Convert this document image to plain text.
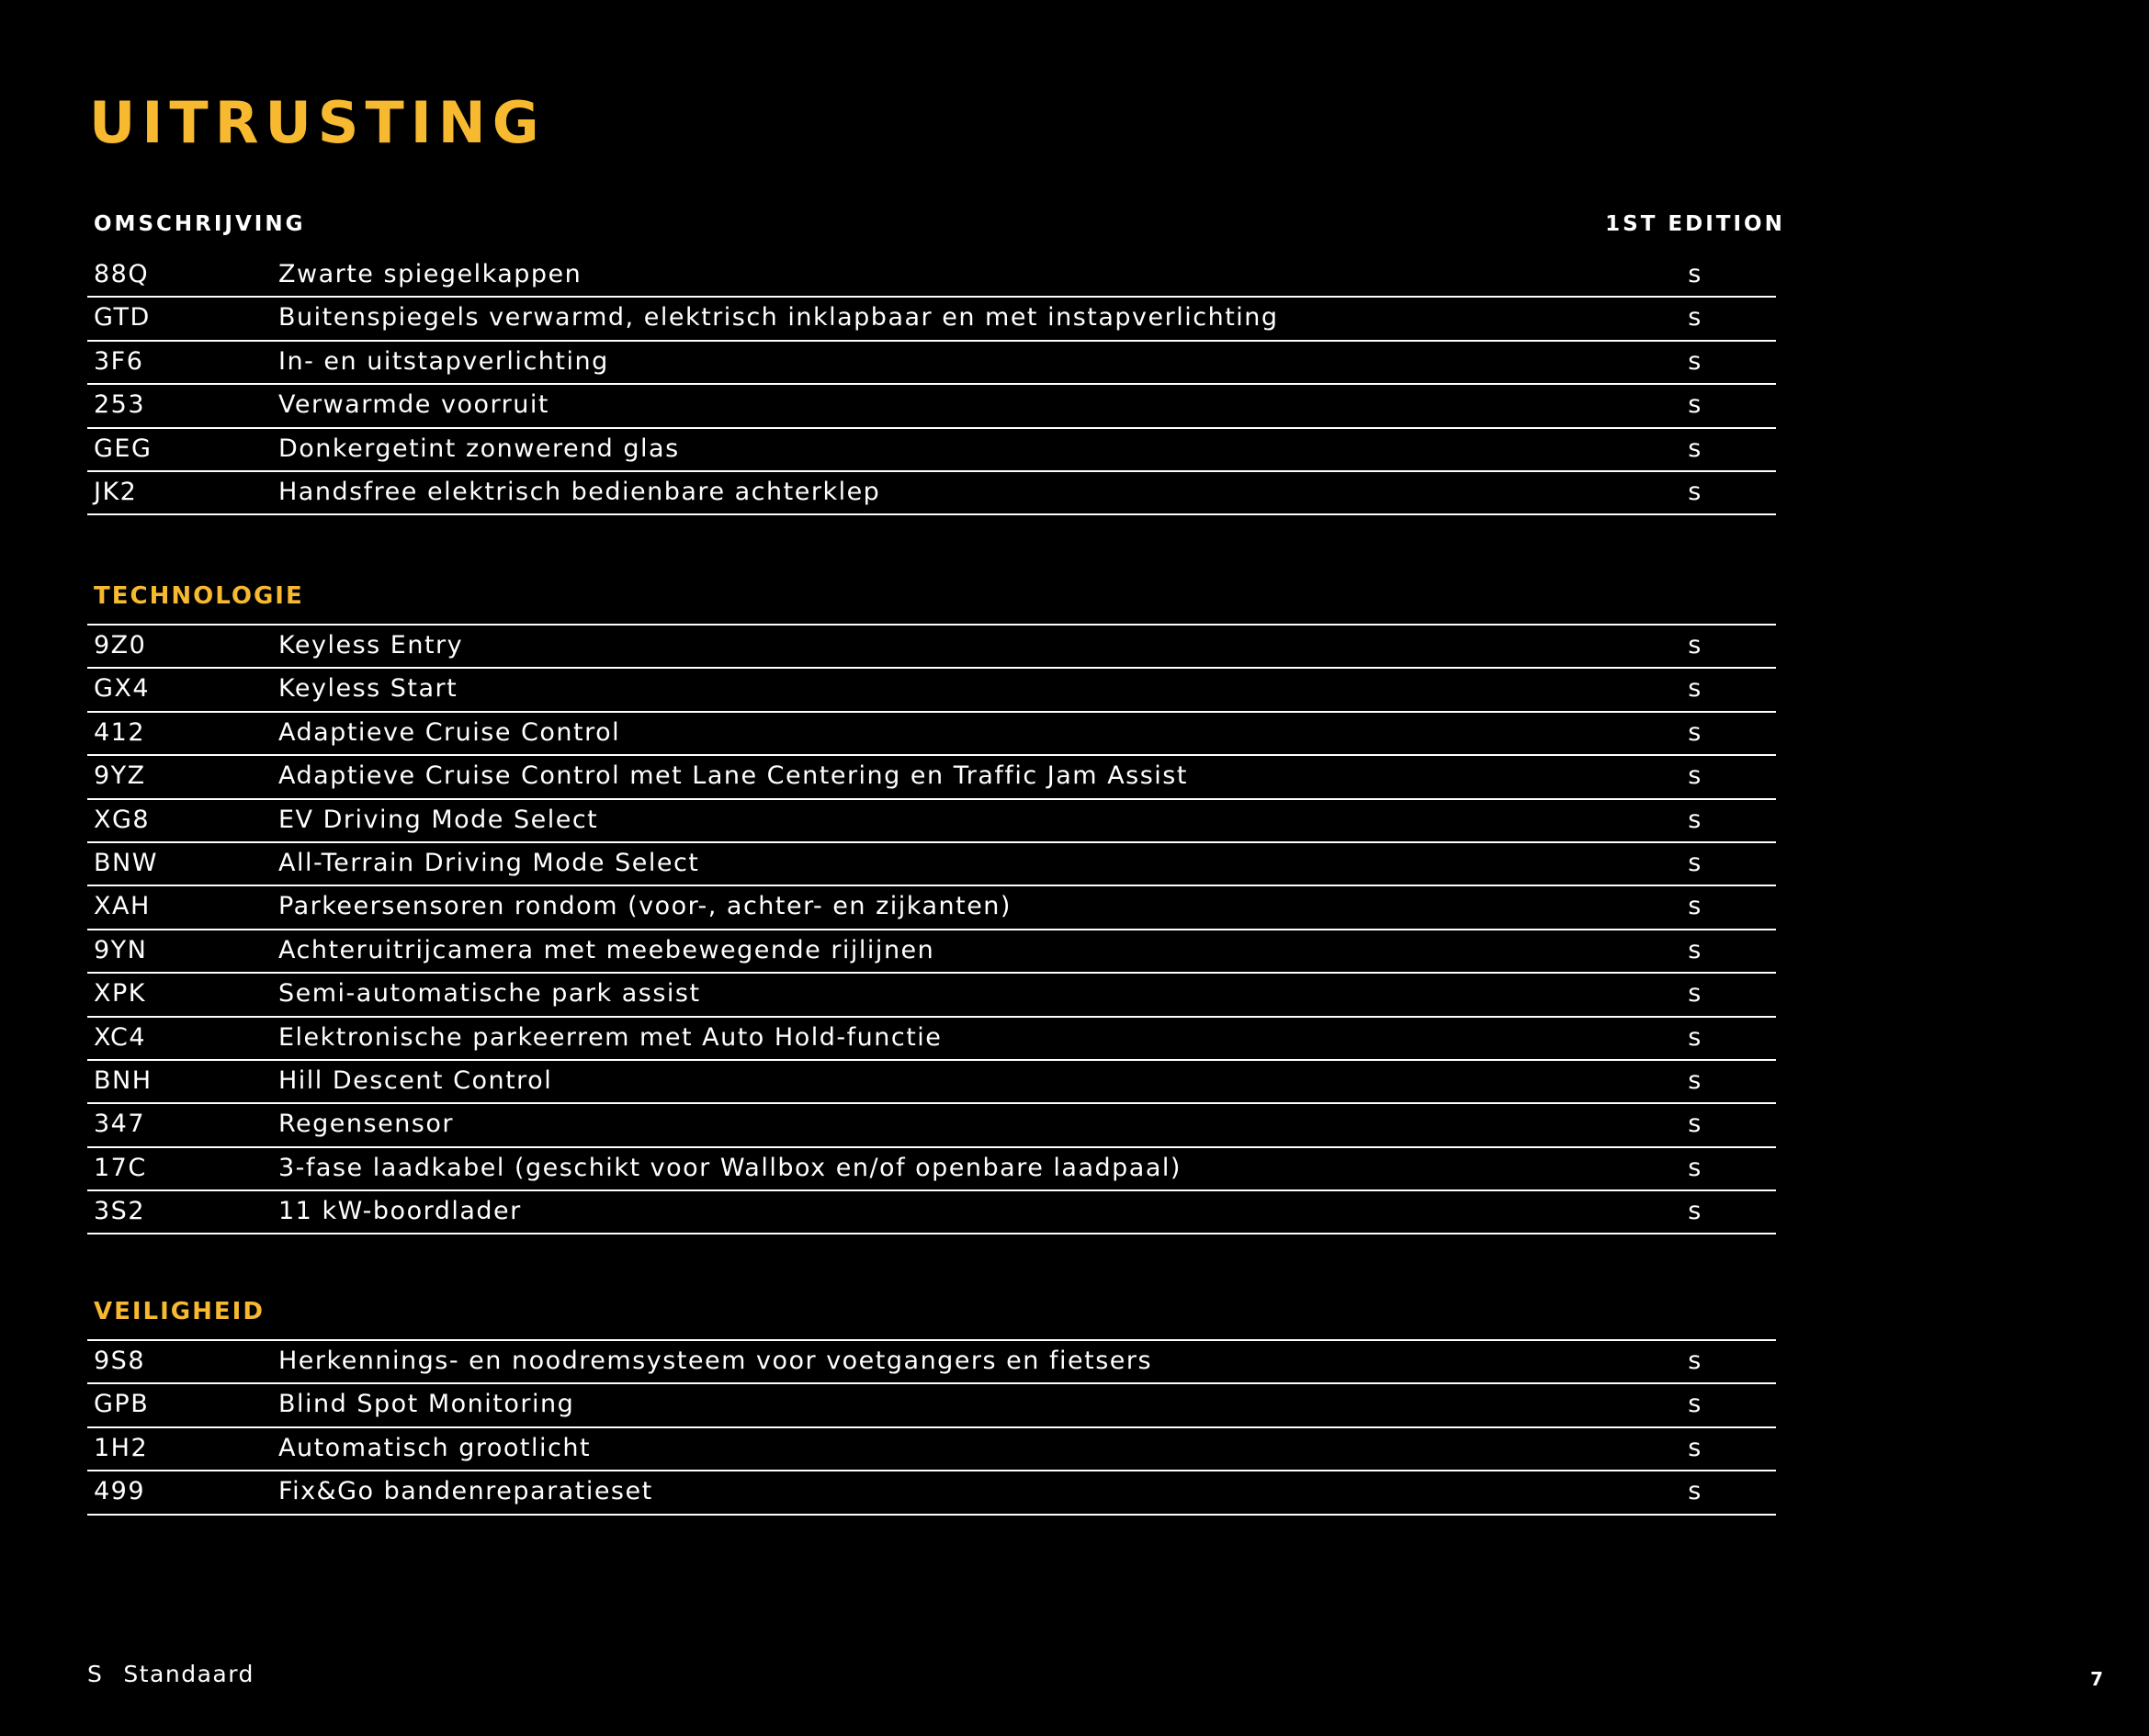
UITRUSTING
OMSCHRIJVING	1ST EDITION
88Q	Zwarte spiegelkappen	s
GTD	Buitenspiegels verwarmd, elektrisch inklapbaar en met instapverlichting	s
3F6	In- en uitstapverlichting	s
253	Verwarmde voorruit	s
GEG	Donkergetint zonwerend glas	s
JK2	Handsfree elektrisch bedienbare achterklep	s
TECHNOLOGIE
9Z0	Keyless Entry	s
GX4	Keyless Start	s
412	Adaptieve Cruise Control	s
9YZ	Adaptieve Cruise Control met Lane Centering en Traffic Jam Assist	s
XG8	EV Driving Mode Select	s
BNW	All-Terrain Driving Mode Select	s
XAH	Parkeersensoren rondom (voor-, achter- en zijkanten)	s
9YN	Achteruitrijcamera met meebewegende rijlijnen	s
XPK	Semi-automatische park assist	s
XC4	Elektronische parkeerrem met Auto Hold-functie	s
BNH	Hill Descent Control	s
347	Regensensor	s
17C	3-fase laadkabel (geschikt voor Wallbox en/of openbare laadpaal)	s
3S2	11 kW-boordlader	s
VEILIGHEID
9S8	Herkennings- en noodremsysteem voor voetgangers en fietsers	s
GPB	Blind Spot Monitoring	s
1H2	Automatisch grootlicht	s
499	Fix&Go bandenreparatieset	s
S Standaard	7
